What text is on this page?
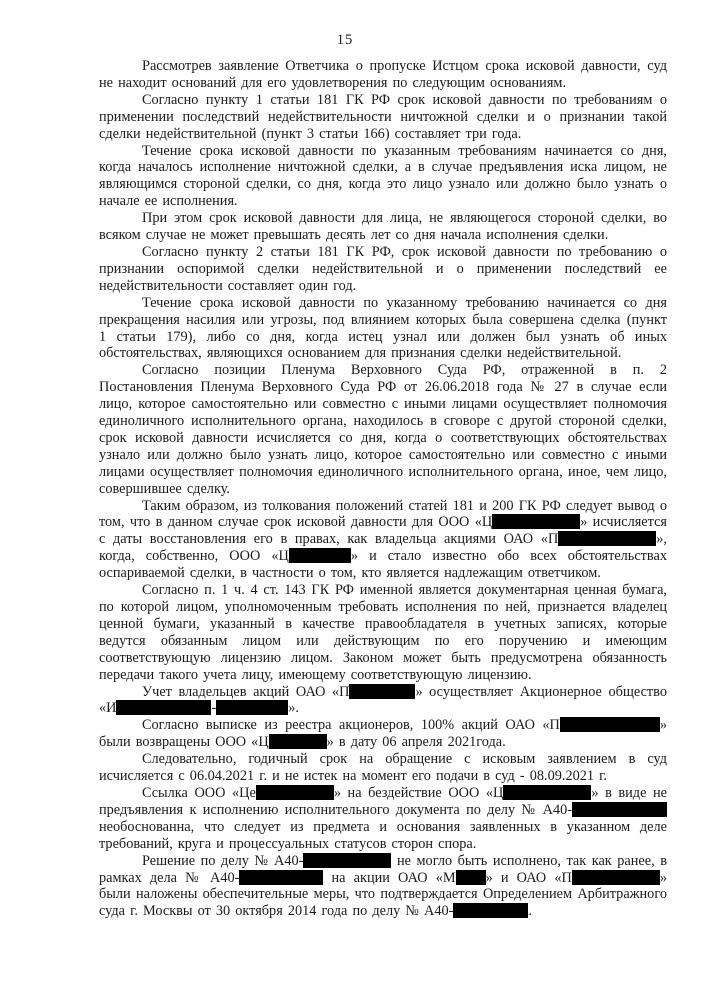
15

Рассмотрев заявление Ответчика о пропуске Истцом срока исковой давности, суд не находит оснований для его удовлетворения по следующим основаниям.

Согласно пункту 1 статьи 181 ГК РФ срок исковой давности по требованиям о применении последствий недействительности ничтожной сделки и о признании такой сделки недействительной (пункт 3 статьи 166) составляет три года.

Течение срока исковой давности по указанным требованиям начинается со дня, когда началось исполнение ничтожной сделки, а в случае предъявления иска лицом, не являющимся стороной сделки, со дня, когда это лицо узнало или должно было узнать о начале ее исполнения.

При этом срок исковой давности для лица, не являющегося стороной сделки, во всяком случае не может превышать десять лет со дня начала исполнения сделки.

Согласно пункту 2 статьи 181 ГК РФ, срок исковой давности по требованию о признании оспоримой сделки недействительной и о применении последствий ее недействительности составляет один год.

Течение срока исковой давности по указанному требованию начинается со дня прекращения насилия или угрозы, под влиянием которых была совершена сделка (пункт 1 статьи 179), либо со дня, когда истец узнал или должен был узнать об иных обстоятельствах, являющихся основанием для признания сделки недействительной.

Согласно позиции Пленума Верховного Суда РФ, отраженной в п. 2 Постановления Пленума Верховного Суда РФ от 26.06.2018 года № 27 в случае если лицо, которое самостоятельно или совместно с иными лицами осуществляет полномочия единоличного исполнительного органа, находилось в сговоре с другой стороной сделки, срок исковой давности исчисляется со дня, когда о соответствующих обстоятельствах узнало или должно было узнать лицо, которое самостоятельно или совместно с иными лицами осуществляет полномочия единоличного исполнительного органа, иное, чем лицо, совершившее сделку.

Таким образом, из толкования положений статей 181 и 200 ГК РФ следует вывод о том, что в данном случае срок исковой давности для ООО «Ц	» исчисляется с даты восстановления его в правах, как владельца акциями ОАО «П	», когда, собственно, ООО «Ц	» и стало известно обо всех обстоятельствах оспариваемой сделки, в частности о том, кто является надлежащим ответчиком.

Согласно п. 1 ч. 4 ст. 143 ГК РФ именной является документарная ценная бумага, по которой лицом, уполномоченным требовать исполнения по ней, признается владелец ценной бумаги, указанный в качестве правообладателя в учетных записях, которые ведутся обязанным лицом или действующим по его поручению и имеющим соответствующую лицензию лицом. Законом может быть предусмотрена обязанность передачи такого учета лицу, имеющему соответствующую лицензию.

Учет владельцев акций ОАО «П	» осуществляет Акционерное общество «И	-	».

Согласно выписке из реестра акционеров, 100% акций ОАО «П	» были возвращены ООО «Ц	» в дату 06 апреля 2021года.

Следовательно, годичный срок на обращение с исковым заявлением в суд исчисляется с 06.04.2021 г. и не истек на момент его подачи в суд - 08.09.2021 г.

Ссылка ООО «Це	» на бездействие ООО «Ц	» в виде не предъявления к исполнению исполнительного документа по делу № А40- необоснованна, что следует из предмета и основания заявленных в указанном деле требований, круга и процессуальных статусов сторон спора.

Решение по делу № А40-	не могло быть исполнено, так как ранее, в рамках дела № А40-	на акции ОАО «М » и ОАО «П	» были наложены обеспечительные меры, что подтверждается Определением Арбитражного суда г. Москвы от 30 октября 2014 года по делу № А40-	.
